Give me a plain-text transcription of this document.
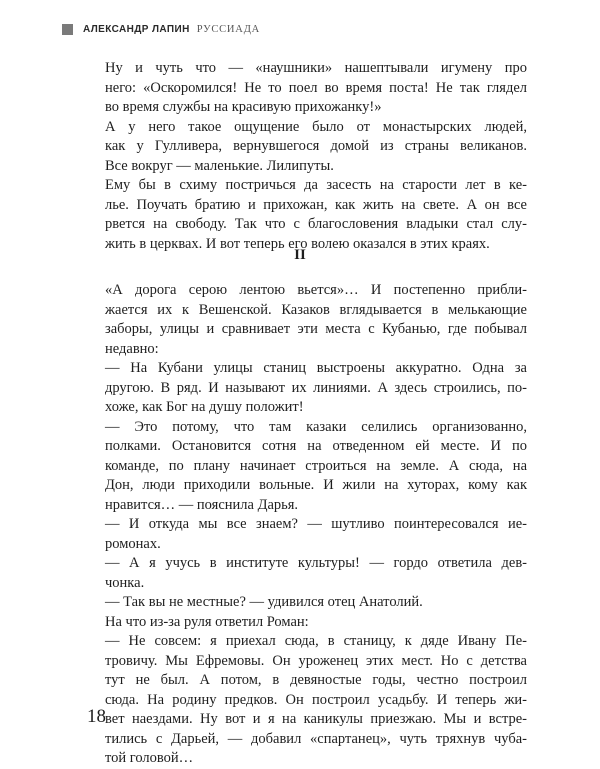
АЛЕКСАНДР ЛАПИН РУССИАДА

Ну и чуть что — «наушники» нашептывали игумену про
него: «Оскоромился! Не то поел во время поста! Не так глядел
во время службы на красивую прихожанку!»

А у него такое ощущение было от монастырских людей,
как у Гулливера, вернувшегося домой из страны великанов.
Все вокруг — маленькие. Лилипуты.

Ему бы в схиму постричься да засесть на старости лет в ке-
лье. Поучать братию и прихожан, как жить на свете. А он все
рвется на свободу. Так что с благословения владыки стал слу-
жить в церквах. И вот теперь его волею оказался в этих краях.

II

«А дорога серою лентою вьется»… И постепенно прибли-
жается их к Вешенской. Казаков вглядывается в мелькающие
заборы, улицы и сравнивает эти места с Кубанью, где побывал
недавно:

— На Кубани улицы станиц выстроены аккуратно. Одна за
другою. В ряд. И называют их линиями. А здесь строились, по-
хоже, как Бог на душу положит!

— Это потому, что там казаки селились организованно,
полками. Остановится сотня на отведенном ей месте. И по
команде, по плану начинает строиться на земле. А сюда, на
Дон, люди приходили вольные. И жили на хуторах, кому как
нравится… — пояснила Дарья.

— И откуда мы все знаем? — шутливо поинтересовался ие-
ромонах.

— А я учусь в институте культуры! — гордо ответила дев-
чонка.

— Так вы не местные? — удивился отец Анатолий.

На что из-за руля ответил Роман:

— Не совсем: я приехал сюда, в станицу, к дяде Ивану Пе-
тровичу. Мы Ефремовы. Он уроженец этих мест. Но с детства
тут не был. А потом, в девяностые годы, честно построил
сюда. На родину предков. Он построил усадьбу. И теперь жи-
вет наездами. Ну вот и я на каникулы приезжаю. Мы и встре-
тились с Дарьей, — добавил «спартанец», чуть тряхнув чуба-
той головой…

18
